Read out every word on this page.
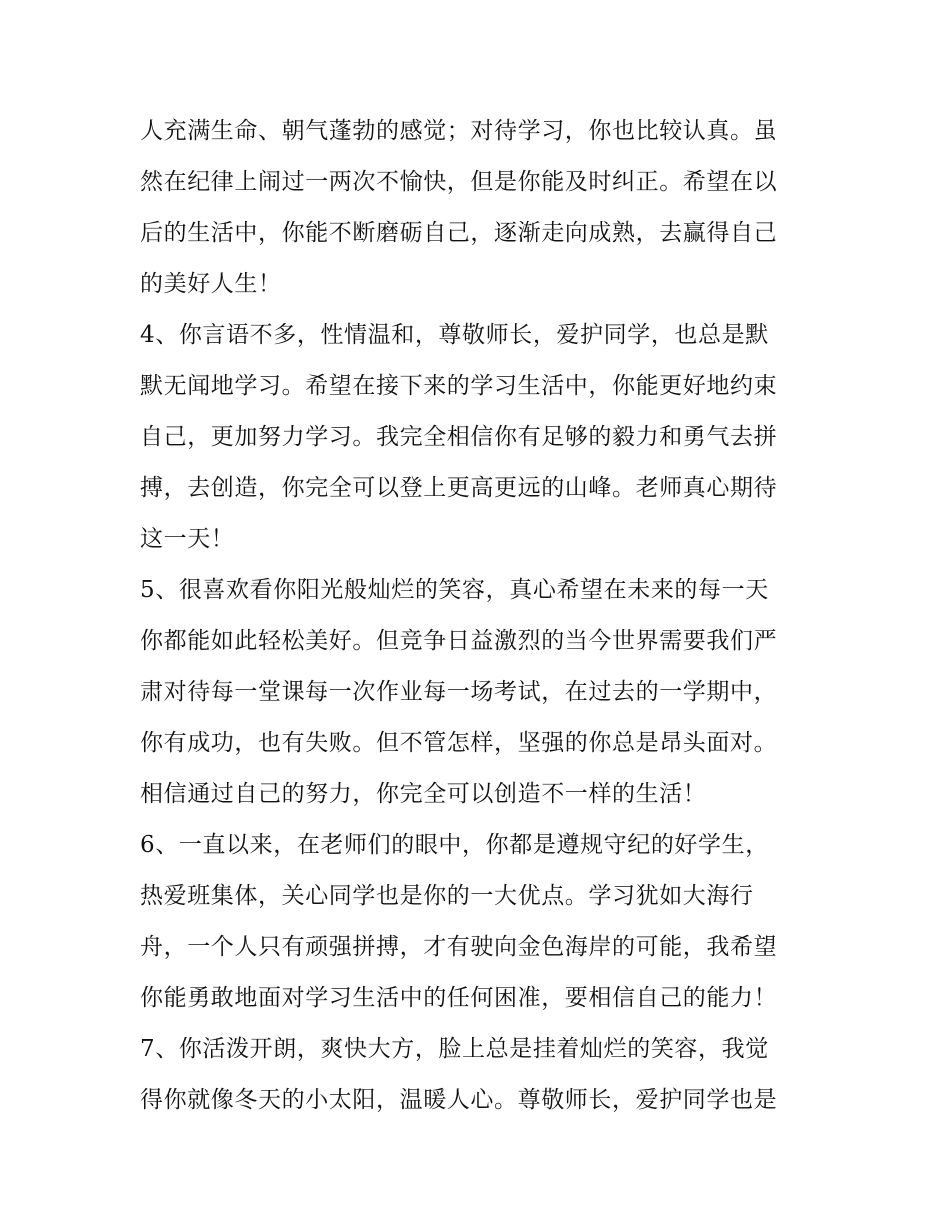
人充满生命、朝气蓬勃的感觉；对待学习，你也比较认真。虽
然在纪律上闹过一两次不愉快，但是你能及时纠正。希望在以
后的生活中，你能不断磨砺自己，逐渐走向成熟，去赢得自己
的美好人生！
4、你言语不多，性情温和，尊敬师长，爱护同学，也总是默
默无闻地学习。希望在接下来的学习生活中，你能更好地约束
自己，更加努力学习。我完全相信你有足够的毅力和勇气去拼
搏，去创造，你完全可以登上更高更远的山峰。老师真心期待
这一天！
5、很喜欢看你阳光般灿烂的笑容，真心希望在未来的每一天
你都能如此轻松美好。但竞争日益激烈的当今世界需要我们严
肃对待每一堂课每一次作业每一场考试，在过去的一学期中，
你有成功，也有失败。但不管怎样，坚强的你总是昂头面对。
相信通过自己的努力，你完全可以创造不一样的生活！
6、一直以来，在老师们的眼中，你都是遵规守纪的好学生，
热爱班集体，关心同学也是你的一大优点。学习犹如大海行
舟，一个人只有顽强拼搏，才有驶向金色海岸的可能，我希望
你能勇敢地面对学习生活中的任何困准，要相信自己的能力！
7、你活泼开朗，爽快大方，脸上总是挂着灿烂的笑容，我觉
得你就像冬天的小太阳，温暖人心。尊敬师长，爱护同学也是
